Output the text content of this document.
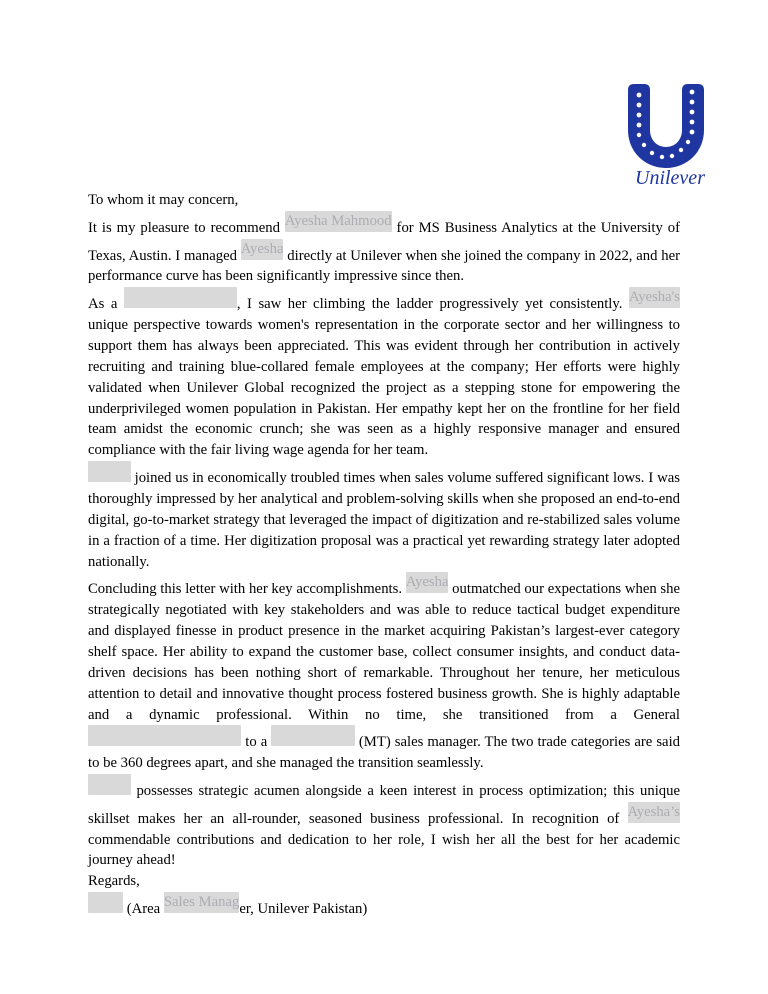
Unilever

To whom it may concern,

It is my pleasure to recommend Ayesha Mahmood for MS Business Analytics at the University of Texas, Austin. I managed Ayesha directly at Unilever when she joined the company in 2022, and her performance curve has been significantly impressive since then.

As a	, I saw her climbing the ladder progressively yet consistently. Ayesha's unique perspective towards women's representation in the corporate sector and her willingness to support them has always been appreciated. This was evident through her contribution in actively recruiting and training blue-collared female employees at the company; Her efforts were highly validated when Unilever Global recognized the project as a stepping stone for empowering the underprivileged women population in Pakistan. Her empathy kept her on the frontline for her field team amidst the economic crunch; she was seen as a highly responsive manager and ensured compliance with the fair living wage agenda for her team.

joined us in economically troubled times when sales volume suffered significant lows. I was thoroughly impressed by her analytical and problem-solving skills when she proposed an end-to-end digital, go-to-market strategy that leveraged the impact of digitization and re-stabilized sales volume in a fraction of a time. Her digitization proposal was a practical yet rewarding strategy later adopted nationally.

Concluding this letter with her key accomplishments. Ayesha outmatched our expectations when she strategically negotiated with key stakeholders and was able to reduce tactical budget expenditure and displayed finesse in product presence in the market acquiring Pakistan’s largest-ever category shelf space. Her ability to expand the customer base, collect consumer insights, and conduct data-driven decisions has been nothing short of remarkable. Throughout her tenure, her meticulous attention to detail and innovative thought process fostered business growth. She is highly adaptable and a dynamic professional. Within no time, she transitioned from a General  to a	(MT) sales manager. The two trade categories are said to be 360 degrees apart, and she managed the transition seamlessly.

possesses strategic acumen alongside a keen interest in process optimization; this unique skillset makes her an all-rounder, seasoned business professional. In recognition of Ayesha’s commendable contributions and dedication to her role, I wish her all the best for her academic journey ahead!

Regards,

(Area Sales Manager, Unilever Pakistan)
